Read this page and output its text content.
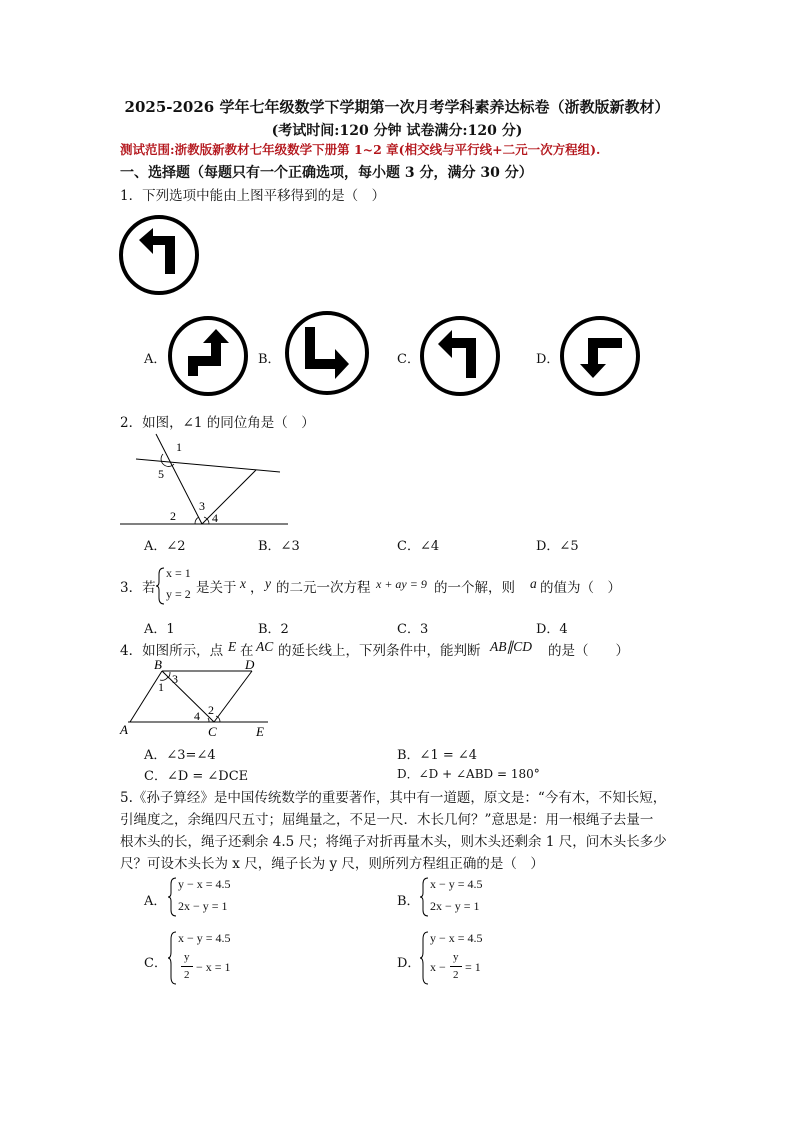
2025-2026 学年七年级数学下学期第一次月考学科素养达标卷（浙教版新教材）
(考试时间:120 分钟 试卷满分:120 分)
测试范围:浙教版新教材七年级数学下册第 1~2 章(相交线与平行线+二元一次方程组).
一、选择题（每题只有一个正确选项，每小题 3 分，满分 30 分）
1．下列选项中能由上图平移得到的是（　）
A．	B．	C．	D．
2．如图，∠1 的同位角是（　）
1
5
3
2	4
A．∠2	B．∠3	C．∠4	D．∠5
3．若
x = 1
y = 2 是关于 x ， y 的二元一次方程 x + ay = 9 的一个解，则 a 的值为（　）
A．1	B．2	C．3	D．4
4．如图所示，点 E 在 AC 的延长线上，下列条件中，能判断 AB∥CD 的是（　　）
B	D
3
1
2
4
A	C	E
A．∠3=∠4	B．∠1 = ∠4
C．∠D = ∠DCE	D．∠D + ∠ABD = 180°
5.《孙子算经》是中国传统数学的重要著作，其中有一道题，原文是：“今有木，不知长短，
引绳度之，余绳四尺五寸；屈绳量之，不足一尺．木长几何？”意思是：用一根绳子去量一
根木头的长，绳子还剩余 4.5 尺；将绳子对折再量木头，则木头还剩余 1 尺，问木头长多少
尺？可设木头长为 x 尺，绳子长为 y 尺，则所列方程组正确的是（　）
A．
y − x = 4.5
2x − y = 1	B．
x − y = 4.5
2x − y = 1
C．
x − y = 4.5
y
2
− x = 1	D．
y − x = 4.5
x −
y
2
= 1
